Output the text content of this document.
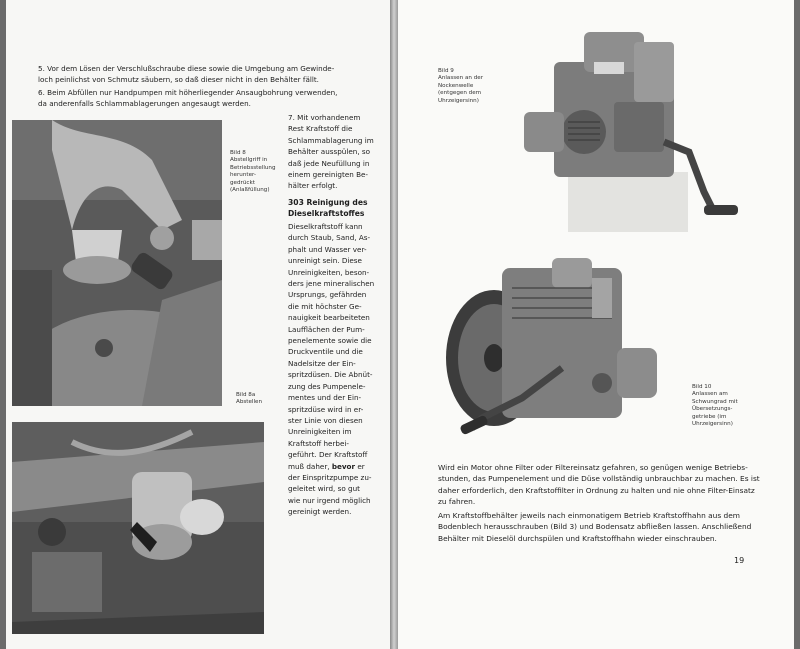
5. Vor dem Lösen der Verschlußschraube diese sowie die Umgebung am Gewinde-
loch peinlichst von Schmutz säubern, so daß dieser nicht in den Behälter fällt.

6. Beim Abfüllen nur Handpumpen mit höherliegender Ansaugbohrung verwenden,
da anderenfalls Schlammablagerungen angesaugt werden.

Bild 8
Abstellgriff in
Betriebsstellung
herunter-
gedrückt
(Anlaßfüllung)
Bild 8a
Abstellen
7. Mit vorhandenem
Rest Kraftstoff die
Schlammablagerung im
Behälter ausspülen, so
daß jede Neufüllung in
einem gereinigten Be-
hälter erfolgt.
303 Reinigung des
Dieselkraftstoffes
Dieselkraftstoff kann
durch Staub, Sand, As-
phalt und Wasser ver-
unreinigt sein. Diese
Unreinigkeiten, beson-
ders jene mineralischen
Ursprungs, gefährden
die mit höchster Ge-
nauigkeit bearbeiteten
Laufflächen der Pum-
penelemente sowie die
Druckventile und die
Nadelsitze der Ein-
spritzdüsen. Die Abnüt-
zung des Pumpenele-
mentes und der Ein-
spritzdüse wird in er-
ster Linie von diesen
Unreinigkeiten im
Kraftstoff herbei-
geführt. Der Kraftstoff
muß daher, bevor er
der Einspritzpumpe zu-
geleitet wird, so gut
wie nur irgend möglich
gereinigt werden.
Bild 9
Anlassen an der
Nockenwelle
(entgegen dem
Uhrzeigersinn)
Bild 10
Anlassen am
Schwungrad mit
Übersetzungs-
getriebe (im
Uhrzeigersinn)
Wird ein Motor ohne Filter oder Filtereinsatz gefahren, so genügen wenige Betriebs-
stunden, das Pumpenelement und die Düse vollständig unbrauchbar zu machen. Es ist
daher erforderlich, den Kraftstoffilter in Ordnung zu halten und nie ohne Filter-Einsatz
zu fahren.
Am Kraftstoffbehälter jeweils nach einmonatigem Betrieb Kraftstoffhahn aus dem
Bodenblech herausschrauben (Bild 3) und Bodensatz abfließen lassen. Anschließend
Behälter mit Dieselöl durchspülen und Kraftstoffhahn wieder einschrauben.
19
